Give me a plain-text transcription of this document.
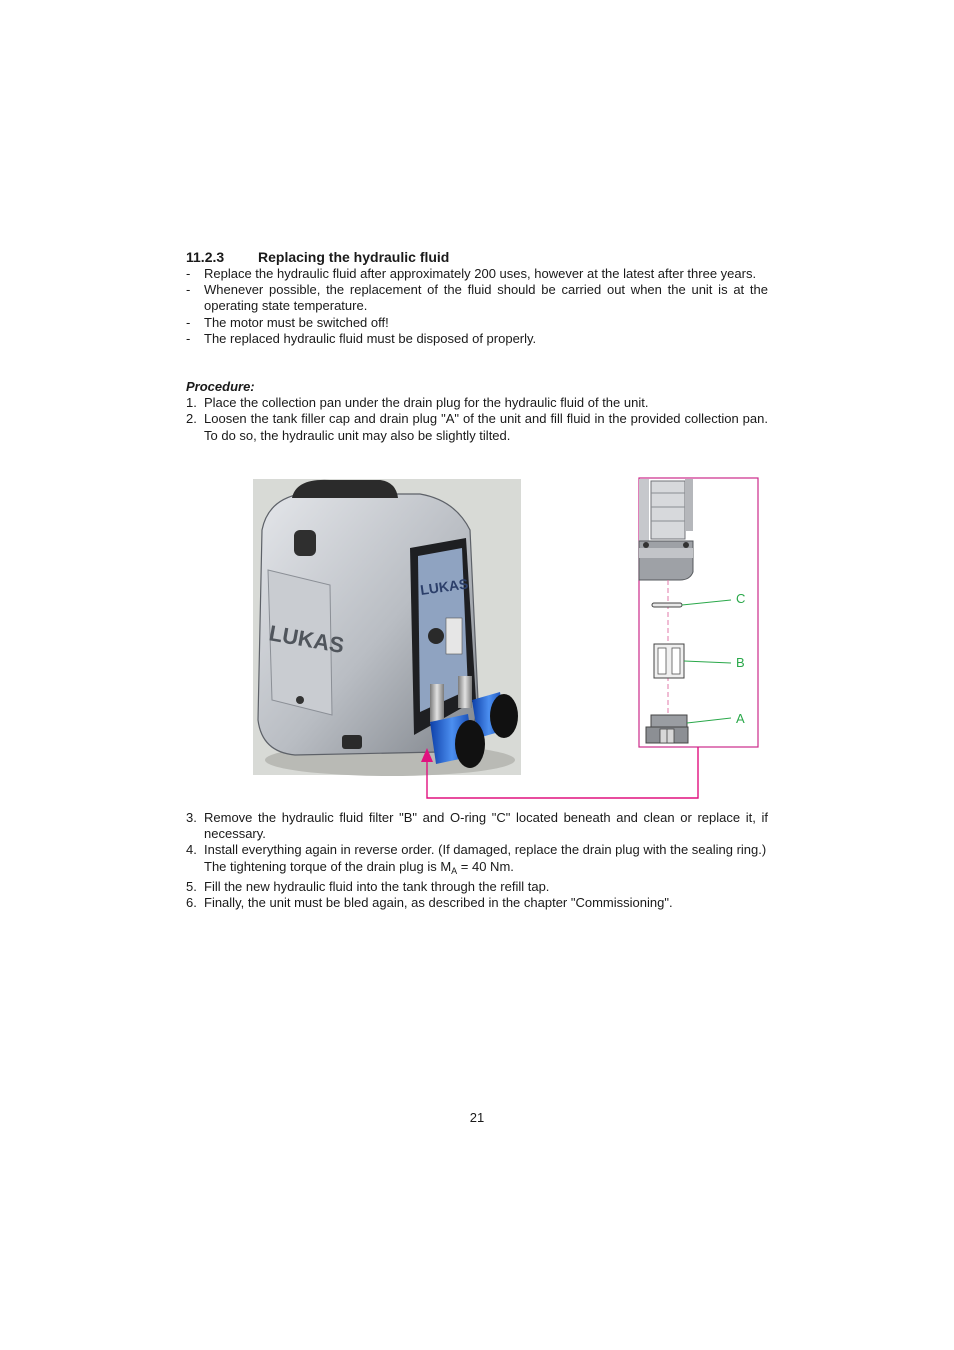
11.2.3 Replacing the hydraulic fluid
- Replace the hydraulic fluid after approximately 200 uses, however at the latest after three years.
- Whenever possible, the replacement of the fluid should be carried out when the unit is at the operating state temperature.
- The motor must be switched off!
- The replaced hydraulic fluid must be disposed of properly.
Procedure:
1. Place the collection pan under the drain plug for the hydraulic fluid of the unit.
2. Loosen the tank filler cap and drain plug "A" of the unit and fill fluid in the provided collection pan. To do so, the hydraulic unit may also be slightly tilted.
LUKAS
LUKAS
C
B
A
3. Remove the hydraulic fluid filter "B" and O-ring "C" located beneath and clean or replace it, if necessary.
4. Install everything again in reverse order. (If damaged, replace the drain plug with the sealing ring.)
The tightening torque of the drain plug is $M_A = 40$ Nm.
5. Fill the new hydraulic fluid into the tank through the refill tap.
6. Finally, the unit must be bled again, as described in the chapter "Commissioning".
21
